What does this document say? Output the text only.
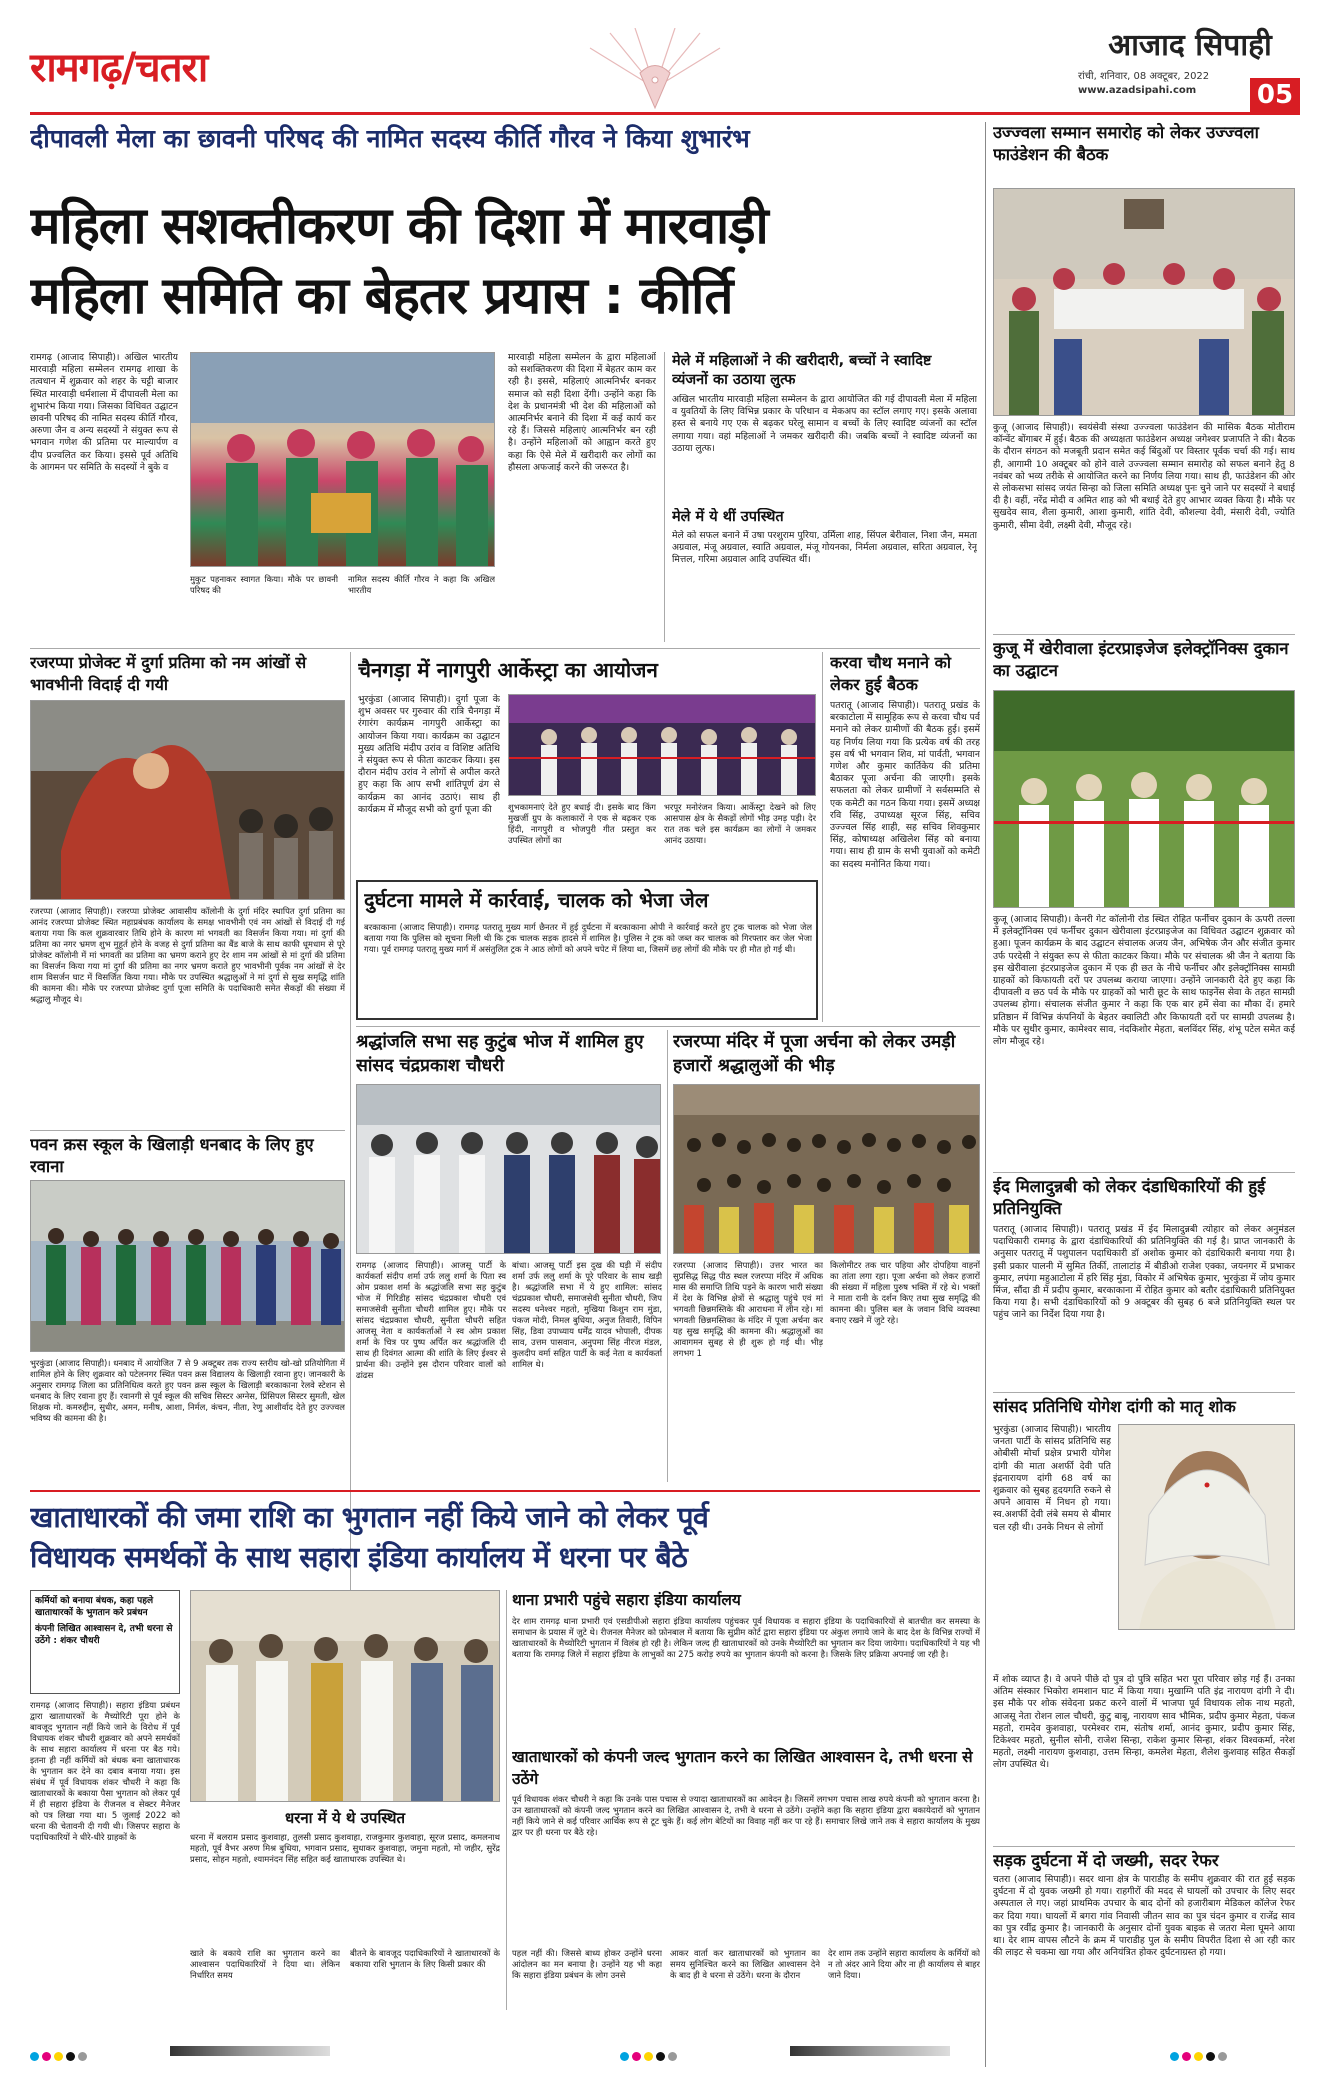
रामगढ़/चतरा	आजाद सिपाही
रांची, शनिवार, 08 अक्टूबर, 2022
www.azadsipahi.com	05
दीपावली मेला का छावनी परिषद की नामित सदस्य कीर्ति गौरव ने किया शुभारंभ
महिला सशक्तीकरण की दिशा में मारवाड़ी
महिला समिति का बेहतर प्रयास : कीर्ति
रामगढ़ (आजाद सिपाही)। अखिल भारतीय मारवाड़ी महिला सम्मेलन रामगढ़ शाखा के तत्वधान में शुक्रवार को शहर के चट्टी बाजार स्थित मारवाड़ी धर्मशाला में दीपावली मेला का शुभारंभ किया गया। जिसका विधिवत उद्घाटन छावनी परिषद की नामित सदस्य कीर्ति गौरव, अरुणा जैन व अन्य सदस्यों ने संयुक्त रूप से भगवान गणेश की प्रतिमा पर माल्यार्पण व दीप प्रज्वलित कर किया। इससे पूर्व अतिथि के आगमन पर समिति के सदस्यों ने बुके व
मुकुट पहनाकर स्वागत किया। मौके पर छावनी परिषद की
नामित सदस्य कीर्ति गौरव ने कहा कि अखिल भारतीय
मारवाड़ी महिला सम्मेलन के द्वारा महिलाओं को सशक्तिकरण की दिशा में बेहतर काम कर रही है। इससे, महिलाएं आत्मनिर्भर बनकर समाज को सही दिशा देंगी। उन्होंने कहा कि देश के प्रधानमंत्री भी देश की महिलाओं को आत्मनिर्भर बनाने की दिशा में कई कार्य कर रहे हैं। जिससे महिलाएं आत्मनिर्भर बन रही है। उन्होंने महिलाओं को आह्वान करते हुए कहा कि ऐसे मेले में खरीदारी कर लोगों का हौसला अफजाई करने की जरूरत है।
मेले में महिलाओं ने की खरीदारी, बच्चों ने स्वादिष्ट व्यंजनों का उठाया लुत्फ
अखिल भारतीय मारवाड़ी महिला सम्मेलन के द्वारा आयोजित की गई दीपावली मेला में महिला व युवतियों के लिए विभिन्न प्रकार के परिधान व मेकअप का स्टॉल लगाए गए। इसके अलावा हस्त से बनाये गए एक से बढ़कर घरेलू सामान व बच्चों के लिए स्वादिष्ट व्यंजनों का स्टॉल लगाया गया। वहां महिलाओं ने जमकर खरीदारी की। जबकि बच्चों ने स्वादिष्ट व्यंजनों का उठाया लुत्फ।
मेले में ये थीं उपस्थित
मेले को सफल बनाने में उषा परशुराम पुरिया, उर्मिला शाह, सिंपल बेरीवाल, निशा जैन, ममता अग्रवाल, मंजू अग्रवाल, स्वाति अग्रवाल, मंजू गोयनका, निर्मला अग्रवाल, सरिता अग्रवाल, रेनू मित्तल, गरिमा अग्रवाल आदि उपस्थित थीं।
उज्ज्वला सम्मान समारोह को लेकर उज्ज्वला फाउंडेशन की बैठक
कुजू (आजाद सिपाही)। स्वयंसेवी संस्था उज्ज्वला फाउंडेशन की मासिक बैठक मोतीराम कॉन्वेंट बोंगाबर में हुई। बैठक की अध्यक्षता फाउंडेशन अध्यक्ष जगेश्वर प्रजापति ने की। बैठक के दौरान संगठन को मजबूती प्रदान समेत कई बिंदुओं पर विस्तार पूर्वक चर्चा की गई। साथ ही, आगामी 10 अक्टूबर को होने वाले उज्ज्वला सम्मान समारोह को सफल बनाने हेतु 8 नवंबर को भव्य तरीके से आयोजित करने का निर्णय लिया गया। साथ ही, फाउंडेशन की ओर से लोकसभा सांसद जयंत सिन्हा को जिला समिति अध्यक्ष पुनः चुने जाने पर सदस्यों ने बधाई दी है। वहीं, नरेंद्र मोदी व अमित शाह को भी बधाई देते हुए आभार व्यक्त किया है। मौके पर सुखदेव साव, शैला कुमारी, आशा कुमारी, शांति देवी, कौशल्या देवी, मंसारी देवी, ज्योति कुमारी, सीमा देवी, लक्ष्मी देवी, मौजूद रहे।
कुजू में खेरीवाला इंटरप्राइजेज इलेक्ट्रॉनिक्स दुकान का उद्घाटन
कुजू (आजाद सिपाही)। केनरी गेट कॉलोनी रोड स्थित रोहित फर्नीचर दुकान के ऊपरी तल्ला में इलेक्ट्रॉनिक्स एवं फर्नीचर दुकान खेरीवाला इंटरप्राइजेज का विधिवत उद्घाटन शुक्रवार को हुआ। पूजन कार्यक्रम के बाद उद्घाटन संचालक अजय जैन, अभिषेक जैन और संजीत कुमार उर्फ परदेसी ने संयुक्त रूप से फीता काटकर किया। मौके पर संचालक श्री जैन ने बताया कि इस खेरीवाला इंटरप्राइजेज दुकान में एक ही छत के नीचे फर्नीचर और इलेक्ट्रॉनिक्स सामग्री ग्राहकों को किफायती दरों पर उपलब्ध कराया जाएगा। उन्होंने जानकारी देते हुए कहा कि दीपावली व छठ पर्व के मौके पर ग्राहकों को भारी छूट के साथ फाइनेंस सेवा के तहत सामग्री उपलब्ध होगा। संचालक संजीत कुमार ने कहा कि एक बार हमें सेवा का मौका दें। हमारे प्रतिष्ठान में विभिन्न कंपनियों के बेहतर क्वालिटी और किफायती दरों पर सामग्री उपलब्ध है। मौके पर सुधीर कुमार, कामेश्वर साव, नंदकिशोर मेहता, बलविंदर सिंह, शंभू पटेल समेत कई लोग मौजूद रहे।
ईद मिलादुन्नबी को लेकर दंडाधिकारियों की हुई प्रतिनियुक्ति
पतरातू (आजाद सिपाही)। पतरातू प्रखंड में ईद मिलादुन्नबी त्योहार को लेकर अनुमंडल पदाधिकारी रामगढ़ के द्वारा दंडाधिकारियों की प्रतिनियुक्ति की गई है। प्राप्त जानकारी के अनुसार पतरातू में पशुपालन पदाधिकारी डॉ अशोक कुमार को दंडाधिकारी बनाया गया है। इसी प्रकार पालनी में सुमित तिर्की, तालाटांड़ में बीडीओ राजेश एक्का, जयनगर में प्रभाकर कुमार, लपंगा महुआटोला में हरि सिंह मुंडा, विकोर में अभिषेक कुमार, भुरकुंडा में जोय कुमार मिंज, सौंदा डी में प्रदीप कुमार, बरकाकाना में रोहित कुमार को बतौर दंडाधिकारी प्रतिनियुक्त किया गया है। सभी दंडाधिकारियों को 9 अक्टूबर की सुबह 6 बजे प्रतिनियुक्ति स्थल पर पहुंच जाने का निर्देश दिया गया है।
सांसद प्रतिनिधि योगेश दांगी को मातृ शोक
भुरकुंडा (आजाद सिपाही)। भारतीय जनता पार्टी के सांसद प्रतिनिधि सह ओबीसी मोर्चा प्रक्षेत्र प्रभारी योगेश दांगी की माता अशर्फी देवी पति इंद्रनारायण दांगी 68 वर्ष का शुक्रवार को सुबह हृदयगति रुकने से अपने आवास में निधन हो गया। स्व.अशर्फी देवी लंबे समय से बीमार चल रही थी। उनके निधन से लोगों
में शोक व्याप्त है। वे अपने पीछे दो पुत्र दो पुत्रि सहित भरा पूरा परिवार छोड़ गई हैं। उनका अंतिम संस्कार भिकोरा शमशान घाट में किया गया। मुखाग्नि पति इंद्र नारायण दांगी ने दी। इस मौके पर शोक संवेदना प्रकट करने वालों में भाजपा पूर्व विधायक लोक नाथ महतो, आजसू नेता रोशन लाल चौधरी, कुटु बाबू, नारायण साव भौमिक, प्रदीप कुमार मेहता, पंकज महतो, रामदेव कुशवाहा, परमेश्वर राम, संतोष शर्मा, आनंद कुमार, प्रदीप कुमार सिंह, टिकेश्वर महतो, सुनील सोनी, राजेश सिन्हा, राकेश कुमार सिन्हा, शंकर विश्वकर्मा, नरेश महतो, लक्ष्मी नारायण कुशवाहा, उत्तम सिन्हा, कमलेश मेहता, शैलेश कुशवाह सहित सैकड़ों लोग उपस्थित थे।
सड़क दुर्घटना में दो जख्मी, सदर रेफर
चतरा (आजाद सिपाही)। सदर थाना क्षेत्र के पाराडीह के समीप शुक्रवार की रात हुई सड़क दुर्घटना में दो युवक जख्मी हो गया। राहगीरों की मदद से घायलों को उपचार के लिए सदर अस्पताल ले गए। जहां प्राथमिक उपचार के बाद दोनों को हजारीबाग मेडिकल कॉलेज रेफर कर दिया गया। घायलों में बगरा गांव निवासी जीतन साव का पुत्र चंदन कुमार व राजेंद्र साव का पुत्र रवींद्र कुमार है। जानकारी के अनुसार दोनों युवक बाइक से जतरा मेला घूमने आया था। देर शाम वापस लौटने के क्रम में पाराडीह पुल के समीप विपरीत दिशा से आ रही कार की लाइट से चकमा खा गया और अनियंत्रित होकर दुर्घटनाग्रस्त हो गया।
रजरप्पा प्रोजेक्ट में दुर्गा प्रतिमा को नम आंखों से भावभीनी विदाई दी गयी
रजरप्पा (आजाद सिपाही)। रजरप्पा प्रोजेक्ट आवासीय कॉलोनी के दुर्गा मंदिर स्थापित दुर्गा प्रतिमा का आनंद रजरप्पा प्रोजेक्ट स्थित महाप्रबंधक कार्यालय के समक्ष भावभीनी एवं नम आंखों से विदाई दी गई बताया गया कि कल शुक्रवारवार तिथि होने के कारण मां भगवती का विसर्जन किया गया। मां दुर्गा की प्रतिमा का नगर भ्रमण शुभ मुहूर्त होने के वजह से दुर्गा प्रतिमा का बैंड बाजे के साथ काफी धूमधाम से पूरे प्रोजेक्ट कॉलोनी में मां भगवती का प्रतिमा का भ्रमण कराने हुए देर शाम नम आंखों से मां दुर्गा की प्रतिमा का विसर्जन किया गया मां दुर्गा की प्रतिमा का नगर भ्रमण कराते हुए भावभीनी पूर्वक नम आंखों से देर शाम विसर्जन घाट में विसर्जित किया गया। मौके पर उपस्थित श्रद्धालुओं ने मां दुर्गा से सुख समृद्धि शांति की कामना की। मौके पर रजरप्पा प्रोजेक्ट दुर्गा पूजा समिति के पदाधिकारी समेत सैकड़ों की संख्या में श्रद्धालु मौजूद थे।
चैनगड़ा में नागपुरी आर्केस्ट्रा का आयोजन
भुरकुंडा (आजाद सिपाही)। दुर्गा पूजा के शुभ अवसर पर गुरुवार की रात्रि चैनगड़ा में रंगारंग कार्यक्रम नागपुरी आर्केस्ट्रा का आयोजन किया गया। कार्यक्रम का उद्घाटन मुख्य अतिथि मंदीप उरांव व विशिष्ट अतिथि ने संयुक्त रूप से फीता काटकर किया। इस दौरान मंदीप उरांव ने लोगों से अपील करते हुए कहा कि आप सभी शांतिपूर्ण ढंग से कार्यक्रम का आनंद उठाएं। साथ ही कार्यक्रम में मौजूद सभी को दुर्गा पूजा की	शुभकामनाएं देते हुए बधाई दी। इसके बाद किंग मुखर्जी ग्रुप के कलाकारों ने एक से बढ़कर एक हिंदी, नागपुरी व भोजपुरी गीत प्रस्तुत कर उपस्थित लोगों का
भरपूर मनोरंजन किया। आर्केस्ट्रा देखने को लिए आसपास क्षेत्र के सैकड़ों लोगों भीड़ उमड़ पड़ी। देर रात तक चले इस कार्यक्रम का लोगों ने जमकर आनंद उठाया।
करवा चौथ मनाने को लेकर हुई बैठक
पतरातू (आजाद सिपाही)। पतरातू प्रखंड के बरकाटोला में सामूहिक रूप से करवा चौथ पर्व मनाने को लेकर ग्रामीणों की बैठक हुई। इसमें यह निर्णय लिया गया कि प्रत्येक वर्ष की तरह इस वर्ष भी भगवान शिव, मां पार्वती, भगवान गणेश और कुमार कार्तिकेय की प्रतिमा बैठाकर पूजा अर्चना की जाएगी। इसके सफलता को लेकर ग्रामीणों ने सर्वसम्मति से एक कमेटी का गठन किया गया। इसमें अध्यक्ष रवि सिंह, उपाध्यक्ष सूरज सिंह, सचिव उज्ज्वल सिंह शाही, सह सचिव शिवकुमार सिंह, कोषाध्यक्ष अखिलेश सिंह को बनाया गया। साथ ही ग्राम के सभी युवाओं को कमेटी का सदस्य मनोनित किया गया।
दुर्घटना मामले में कार्रवाई, चालक को भेजा जेल
बरकाकाना (आजाद सिपाही)। रामगढ़ पतरातू मुख्य मार्ग छैनतर में हुई दुर्घटना में बरकाकाना ओपी ने कार्रवाई करते हुए ट्रक चालक को भेजा जेल बताया गया कि पुलिस को सूचना मिली थी कि ट्रक चालक सड़क हादसे में शामिल है। पुलिस ने ट्रक को जब्त कर चालक को गिरफ्तार कर जेल भेजा गया। पूर्व रामगढ़ पतरातू मुख्य मार्ग में असंतुलित ट्रक ने आठ लोगों को अपने चपेट में लिया था, जिसमें छह लोगों की मौके पर ही मौत हो गई थी।
श्रद्धांजलि सभा सह कुटुंब भोज में शामिल हुए सांसद चंद्रप्रकाश चौधरी
रामगढ़ (आजाद सिपाही)। आजसू पार्टी के कार्यकर्ता संदीप शर्मा उर्फ ललु शर्मा के पिता स्व ओम प्रकाश शर्मा के श्रद्धांजलि सभा सह कुटुंब भोज में गिरिडीह सांसद चंद्रप्रकाश चौधरी एवं समाजसेवी सुनीता चौधरी शामिल हुए। मौके पर सांसद चंद्रप्रकाश चौधरी, सुनीता चौधरी सहित आजसू नेता व कार्यकर्ताओं ने स्व ओम प्रकाश शर्मा के चित्र पर पुष्प अर्पित कर श्रद्धांजलि दी साथ ही दिवंगत आत्मा की शांति के लिए ईश्वर से प्रार्थना की। उन्होंने इस दौरान परिवार वालों को ढांढस
बांधा। आजसू पार्टी इस दुख की घड़ी में संदीप शर्मा उर्फ ललु शर्मा के पूरे परिवार के साथ खड़ी है। श्रद्धांजलि सभा में ये हुए शामिल: सांसद चंद्रप्रकाश चौधरी, समाजसेवी सुनीता चौधरी, जिप सदस्य धनेश्वर महतो, मुखिया किशुन राम मुंडा, पंकज मोदी, निमल बुधिया, अनुज तिवारी, विपिन सिंह, डिवा उपाध्याय धर्मेंद्र यादव भोपाली, दीपक साव, उत्तम पासवान, अनुपमा सिंह नीरज मंडल, कुलदीप वर्मा सहित पार्टी के कई नेता व कार्यकर्ता शामिल थे।
रजरप्पा मंदिर में पूजा अर्चना को लेकर उमड़ी हजारों श्रद्धालुओं की भीड़
रजरप्पा (आजाद सिपाही)। उत्तर भारत का सुप्रसिद्ध सिद्ध पीठ स्थल रजरप्पा मंदिर में अधिक मास की समाप्ति तिथि पड़ने के कारण भारी संख्या में देश के विभिन्न क्षेत्रों से श्रद्धालु पहुंचे एवं मां भगवती छिन्नमस्तिके की आराधना में लीन रहे। मां भगवती छिन्नमस्तिका के मंदिर में पूजा अर्चना कर यह सुख समृद्धि की कामना की। श्रद्धालुओं का आवागमन सुबह से ही शुरू हो गई थी। भीड़ लगभग 1
किलोमीटर तक चार पहिया और दोपहिया वाहनों का तांता लगा रहा। पूजा अर्चना को लेकर हजारों की संख्या में महिला पुरुष भक्ति में रहे थे। भक्तों ने माता रानी के दर्शन किए तथा सुख समृद्धि की कामना की। पुलिस बल के जवान विधि व्यवस्था बनाए रखने में जुटे रहे।
पवन क्रस स्कूल के खिलाड़ी धनबाद के लिए हुए रवाना
भुरकुंडा (आजाद सिपाही)। धनबाद में आयोजित 7 से 9 अक्टूबर तक राज्य स्तरीय खो-खो प्रतियोगिता में शामिल होने के लिए शुक्रवार को पटेलनगर स्थित पवन क्रस विद्यालय के खिलाड़ी रवाना हुए। जानकारी के अनुसार रामगढ़ जिला का प्रतिनिधित्व करते हुए पवन क्रस स्कूल के खिलाड़ी बरकाकाना रेलवे स्टेशन से धनबाद के लिए रवाना हुए हैं। रवानगी से पूर्व स्कूल की सचिव सिस्टर अग्नेस, प्रिंसिपल सिस्टर सुमती, खेल शिक्षक मो. कमरुद्दीन, सुधीर, अमन, मनीष, आशा, निर्मल, कंचन, नीता, रेणु आशीर्वाद देते हुए उज्ज्वल भविष्य की कामना की है।
खाताधारकों की जमा राशि का भुगतान नहीं किये जाने को लेकर पूर्व
विधायक समर्थकों के साथ सहारा इंडिया कार्यालय में धरना पर बैठे
कर्मियों को बनाया बंधक, कहा पहले खाताधारकों के भुगतान करे प्रबंधन
कंपनी लिखित आश्वासन दे, तभी धरना से उठेंगे : शंकर चौधरी
रामगढ़ (आजाद सिपाही)। सहारा इंडिया प्रबंधन द्वारा खाताधारकों के मैच्योरिटी पूरा होने के बावजूद भुगतान नहीं किये जाने के विरोध में पूर्व विधायक शंकर चौधरी शुक्रवार को अपने समर्थकों के साथ सहारा कार्यालय में धरना पर बैठ गये। इतना ही नहीं कर्मियों को बंधक बना खाताधारक के भुगतान कर देने का दबाव बनाया गया। इस संबंध में पूर्व विधायक शंकर चौधरी ने कहा कि खाताधारकों के बकाया पैसा भुगतान को लेकर पूर्व में ही सहारा इंडिया के रीजनल व सेक्टर मैनेजर को पत्र लिखा गया था। 5 जुलाई 2022 को धरना की चेतावनी दी गयी थी। जिसपर सहारा के पदाधिकारियों ने धीरे-धीरे ग्राहकों के
धरना में ये थे उपस्थित
धरना में बलराम प्रसाद कुशवाहा, तुलसी प्रसाद कुशवाहा, राजकुमार कुशवाहा, सूरज प्रसाद, कमलनाथ महतो, पूर्व वैभर अरुण मिश्र बुधिया, भगवान प्रसाद, सुधाकर कुशवाहा, जमुना महतो, मो जहीर, सुरेंद्र प्रसाद, सोहन महतो, श्यामनंदन सिंह सहित कई खाताधारक उपस्थित थे।
खाते के बकाये राशि का भुगतान करने का आश्वासन पदाधिकारियों ने दिया था। लेकिन निर्धारित समय
बीतने के बावजूद पदाधिकारियों ने खाताधारकों के बकाया राशि भुगतान के लिए किसी प्रकार की
थाना प्रभारी पहुंचे सहारा इंडिया कार्यालय
देर शाम रामगढ़ थाना प्रभारी एवं एसडीपीओ सहारा इंडिया कार्यालय पहुंचकर पूर्व विधायक व सहारा इंडिया के पदाधिकारियों से बातचीत कर समस्या के समाधान के प्रयास में जुटे थे। रीजनल मैनेजर को फ़ोनबाल में बताया कि सुप्रीम कोर्ट द्वारा सहारा इंडिया पर अंकुश लगाये जाने के बाद देश के विभिन्न राज्यों में खाताधारकों के मैच्योरिटी भुगतान में विलंब हो रही है। लेकिन जल्द ही खाताधारकों को उनके मैच्योरिटी का भुगतान कर दिया जायेगा। पदाधिकारियों ने यह भी बताया कि रामगढ़ जिले में सहारा इंडिया के लाभुकों का 275 करोड़ रुपये का भुगतान कंपनी को करना है। जिसके लिए प्रक्रिया अपनाई जा रही है।
खाताधारकों को कंपनी जल्द भुगतान करने का लिखित आश्वासन दे, तभी धरना से उठेंगे
पूर्व विधायक शंकर चौधरी ने कहा कि उनके पास पचास से ज्यादा खाताधारकों का आवेदन है। जिसमें लगभग पचास लाख रुपये कंपनी को भुगतान करना है। उन खाताधारकों को कंपनी जल्द भुगतान करने का लिखित आश्वासन दे, तभी वे धरना से उठेंगे। उन्होंने कहा कि सहारा इंडिया द्वारा बकायेदारों को भुगतान नहीं किये जाने से कई परिवार आर्थिक रूप से टूट चुके हैं। कई लोग बेटियों का विवाह नहीं कर पा रहे हैं। समाचार लिखे जाने तक वे सहारा कार्यालय के मुख्य द्वार पर ही धरना पर बैठे रहे।
पहल नहीं की। जिससे बाध्य होकर उन्होंने धरना आंदोलन का मन बनाया है। उन्होंने यह भी कहा कि सहारा इंडिया प्रबंधन के लोग उनसे
आकर वार्ता कर खाताधारकों को भुगतान का समय सुनिश्चित करने का लिखित आश्वासन देने के बाद ही वे धरना से उठेंगे। धरना के दौरान
देर शाम तक उन्होंने सहारा कार्यालय के कर्मियों को न तो अंदर आने दिया और ना ही कार्यालय से बाहर जाने दिया।
